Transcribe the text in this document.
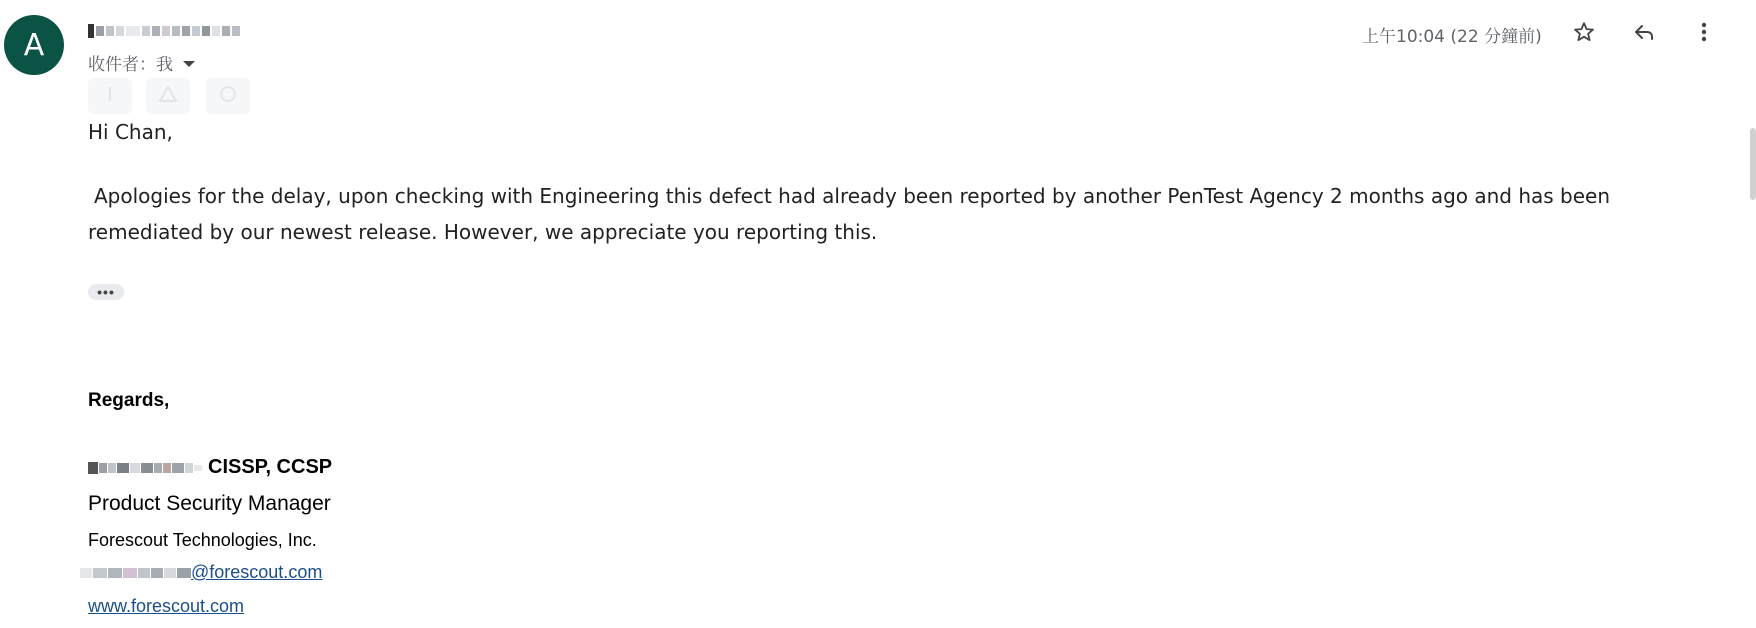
A
收件者：我
上午10:04 (22 分鐘前)
Hi Chan,
Apologies for the delay, upon checking with Engineering this defect had already been reported by another PenTest Agency 2 months ago and has been remediated by our newest release. However, we appreciate you reporting this.
•••
Regards,
CISSP, CCSP
Product Security Manager
Forescout Technologies, Inc.
@forescout.com
www.forescout.com
